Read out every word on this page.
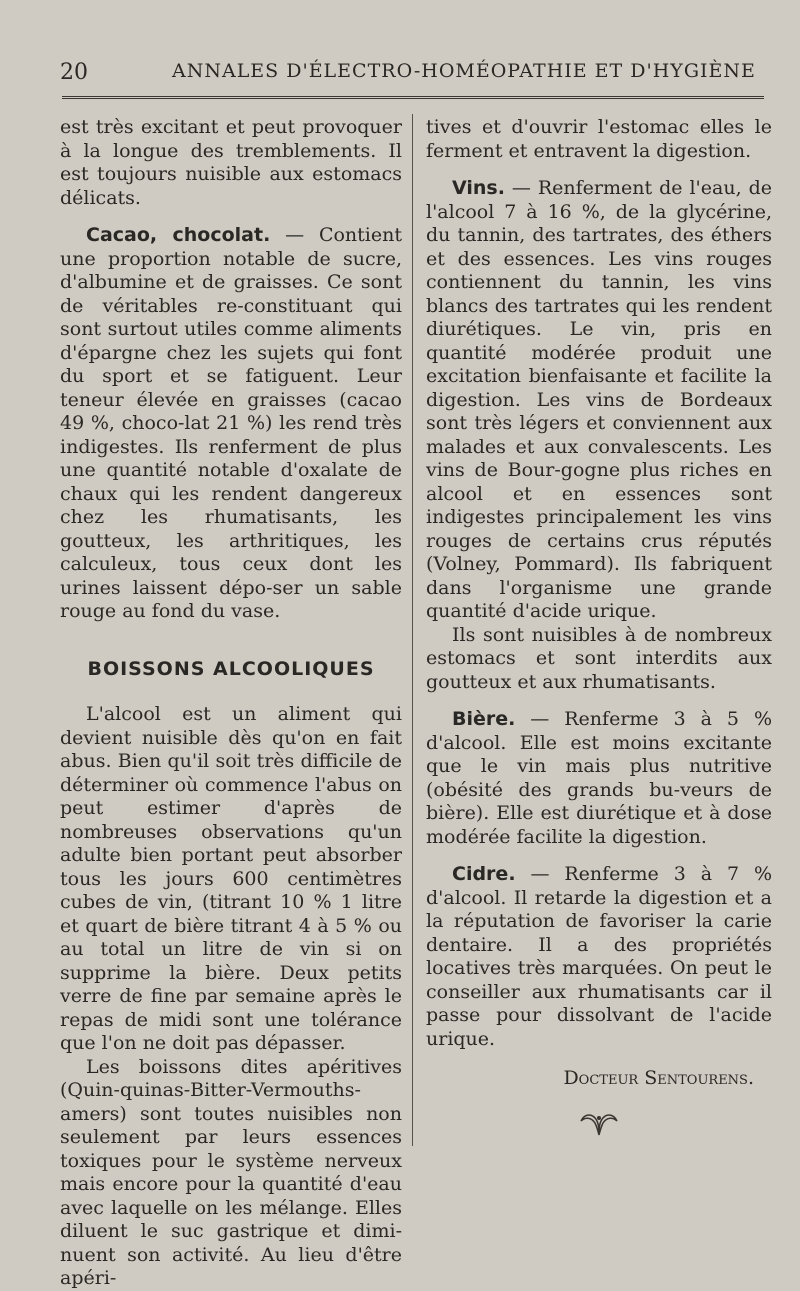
20	ANNALES D'ÉLECTRO-HOMÉOPATHIE ET D'HYGIÈNE

est très excitant et peut provoquer à la longue des tremblements. Il est toujours nuisible aux estomacs délicats.

Cacao, chocolat. — Contient une proportion notable de sucre, d'albumine et de graisses. Ce sont de véritables re-constituant qui sont surtout utiles comme aliments d'épargne chez les sujets qui font du sport et se fatiguent. Leur teneur élevée en graisses (cacao 49 %, choco-lat 21 %) les rend très indigestes. Ils renferment de plus une quantité notable d'oxalate de chaux qui les rendent dangereux chez les rhumatisants, les goutteux, les arthritiques, les calculeux, tous ceux dont les urines laissent dépo-ser un sable rouge au fond du vase.

BOISSONS ALCOOLIQUES

L'alcool est un aliment qui devient nuisible dès qu'on en fait abus. Bien qu'il soit très difficile de déterminer où commence l'abus on peut estimer d'après de nombreuses observations qu'un adulte bien portant peut absorber tous les jours 600 centimètres cubes de vin, (titrant 10 % 1 litre et quart de bière titrant 4 à 5 % ou au total un litre de vin si on supprime la bière. Deux petits verre de fine par semaine après le repas de midi sont une tolérance que l'on ne doit pas dépasser.

Les boissons dites apéritives (Quin-quinas-Bitter-Vermouths-amers) sont toutes nuisibles non seulement par leurs essences toxiques pour le système nerveux mais encore pour la quantité d'eau avec laquelle on les mélange. Elles diluent le suc gastrique et dimi-nuent son activité. Au lieu d'être apéri-

tives et d'ouvrir l'estomac elles le ferment et entravent la digestion.

Vins. — Renferment de l'eau, de l'alcool 7 à 16 %, de la glycérine, du tannin, des tartrates, des éthers et des essences. Les vins rouges contiennent du tannin, les vins blancs des tartrates qui les rendent diurétiques. Le vin, pris en quantité modérée produit une excitation bienfaisante et facilite la digestion. Les vins de Bordeaux sont très légers et conviennent aux malades et aux convalescents. Les vins de Bour-gogne plus riches en alcool et en essences sont indigestes principalement les vins rouges de certains crus réputés (Volney, Pommard). Ils fabriquent dans l'organisme une grande quantité d'acide urique.

Ils sont nuisibles à de nombreux estomacs et sont interdits aux goutteux et aux rhumatisants.

Bière. — Renferme 3 à 5 % d'alcool. Elle est moins excitante que le vin mais plus nutritive (obésité des grands bu-veurs de bière). Elle est diurétique et à dose modérée facilite la digestion.

Cidre. — Renferme 3 à 7 % d'alcool. Il retarde la digestion et a la réputation de favoriser la carie dentaire. Il a des propriétés locatives très marquées. On peut le conseiller aux rhumatisants car il passe pour dissolvant de l'acide urique.

Docteur Sentourens.
